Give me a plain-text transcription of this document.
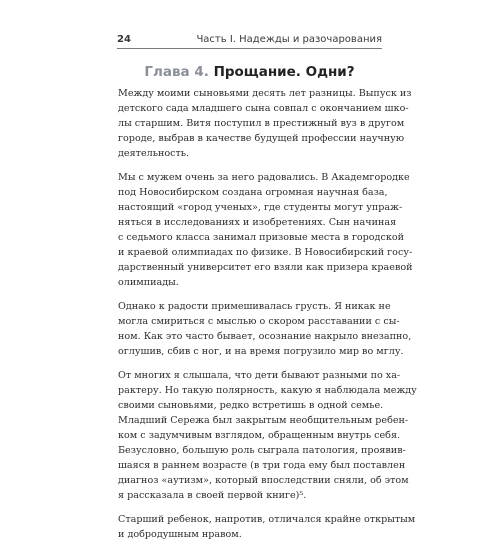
24	Часть I. Надежды и разочарования
Глава 4. Прощание. Одни?
Между моими сыновьями десять лет разницы. Выпуск из
детского сада младшего сына совпал с окончанием шко-
лы старшим. Витя поступил в престижный вуз в другом
городе, выбрав в качестве будущей профессии научную
деятельность.
Мы с мужем очень за него радовались. В Академгородке
под Новосибирском создана огромная научная база,
настоящий «город ученых», где студенты могут упраж-
няться в исследованиях и изобретениях. Сын начиная
с седьмого класса занимал призовые места в городской
и краевой олимпиадах по физике. В Новосибирский госу-
дарственный университет его взяли как призера краевой
олимпиады.
Однако к радости примешивалась грусть. Я никак не
могла смириться с мыслью о скором расставании с сы-
ном. Как это часто бывает, осознание накрыло внезапно,
оглушив, сбив с ног, и на время погрузило мир во мглу.
От многих я слышала, что дети бывают разными по ха-
рактеру. Но такую полярность, какую я наблюдала между
своими сыновьями, редко встретишь в одной семье.
Младший Сережа был закрытым необщительным ребен-
ком с задумчивым взглядом, обращенным внутрь себя.
Безусловно, большую роль сыграла патология, проявив-
шаяся в раннем возрасте (в три года ему был поставлен
диагноз «аутизм», который впоследствии сняли, об этом
я рассказала в своей первой книге)⁵.
Старший ребенок, напротив, отличался крайне открытым
и добродушным нравом.
